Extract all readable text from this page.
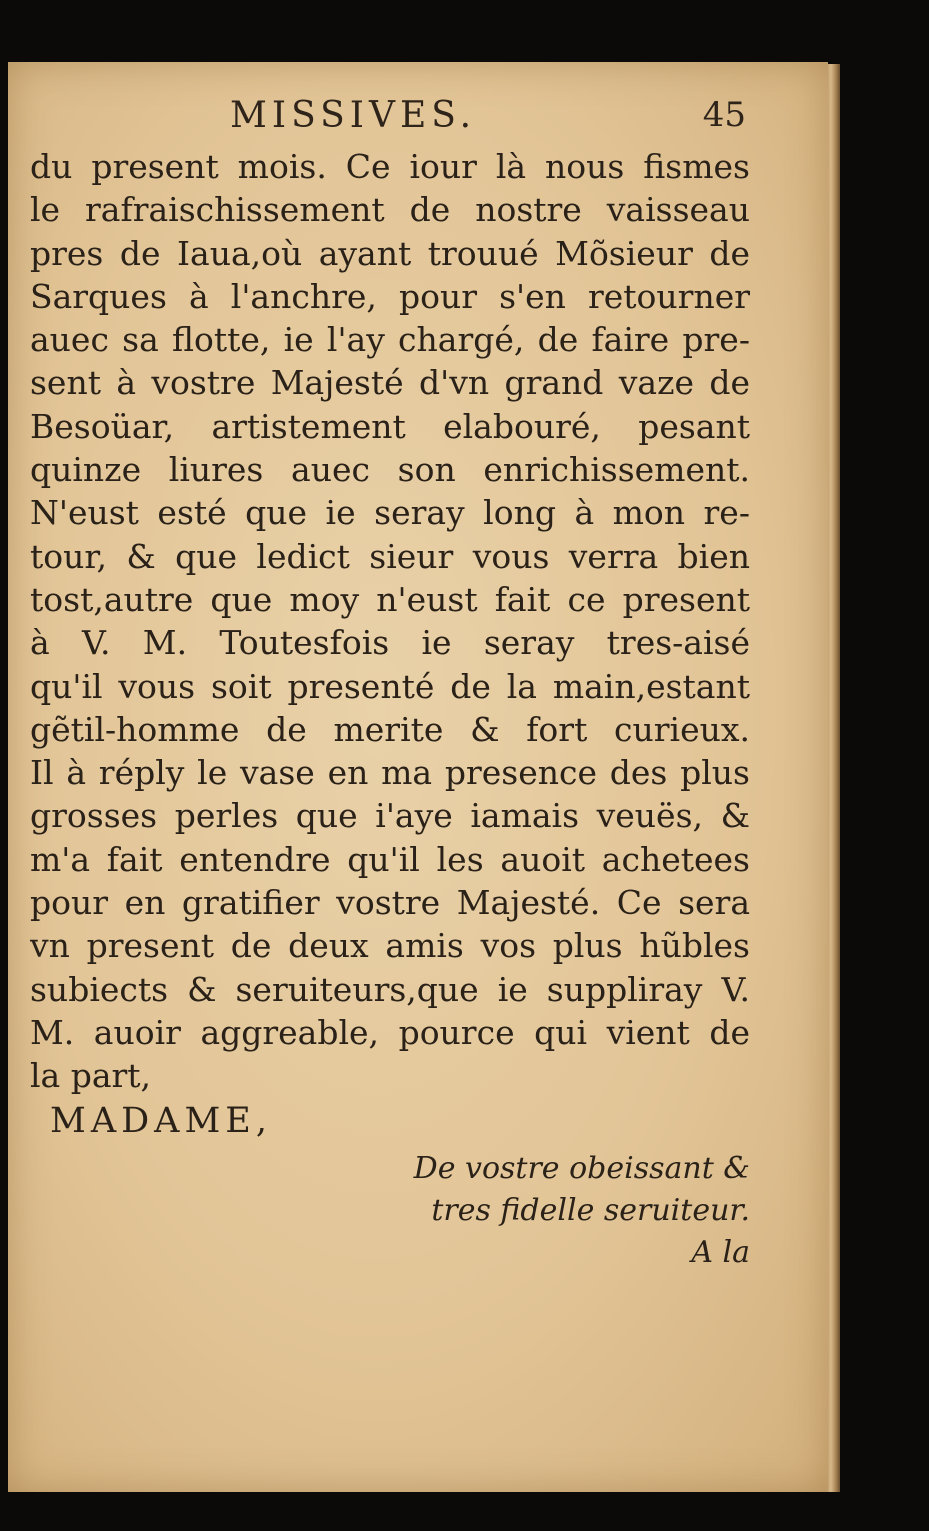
MISSIVES.	45
du present mois. Ce iour là nous fismes
le rafraischissement de nostre vaisseau
pres de Iaua,où ayant trouué Mõsieur de
Sarques à l'anchre, pour s'en retourner
auec sa flotte, ie l'ay chargé, de faire pre-
sent à vostre Majesté d'vn grand vaze de
Besoüar, artistement elabouré, pesant
quinze liures auec son enrichissement.
N'eust esté que ie seray long à mon re-
tour, & que ledict sieur vous verra bien
tost,autre que moy n'eust fait ce present
à V. M. Toutesfois ie seray tres-aisé
qu'il vous soit presenté de la main,estant
gẽtil-homme de merite & fort curieux.
Il à réply le vase en ma presence des plus
grosses perles que i'aye iamais veuës, &
m'a fait entendre qu'il les auoit achetees
pour en gratifier vostre Majesté. Ce sera
vn present de deux amis vos plus hũbles
subiects & seruiteurs,que ie suppliray V.
M. auoir aggreable, pource qui vient de
la part,
MADAME,
De vostre obeissant &
tres fidelle seruiteur.
A la
